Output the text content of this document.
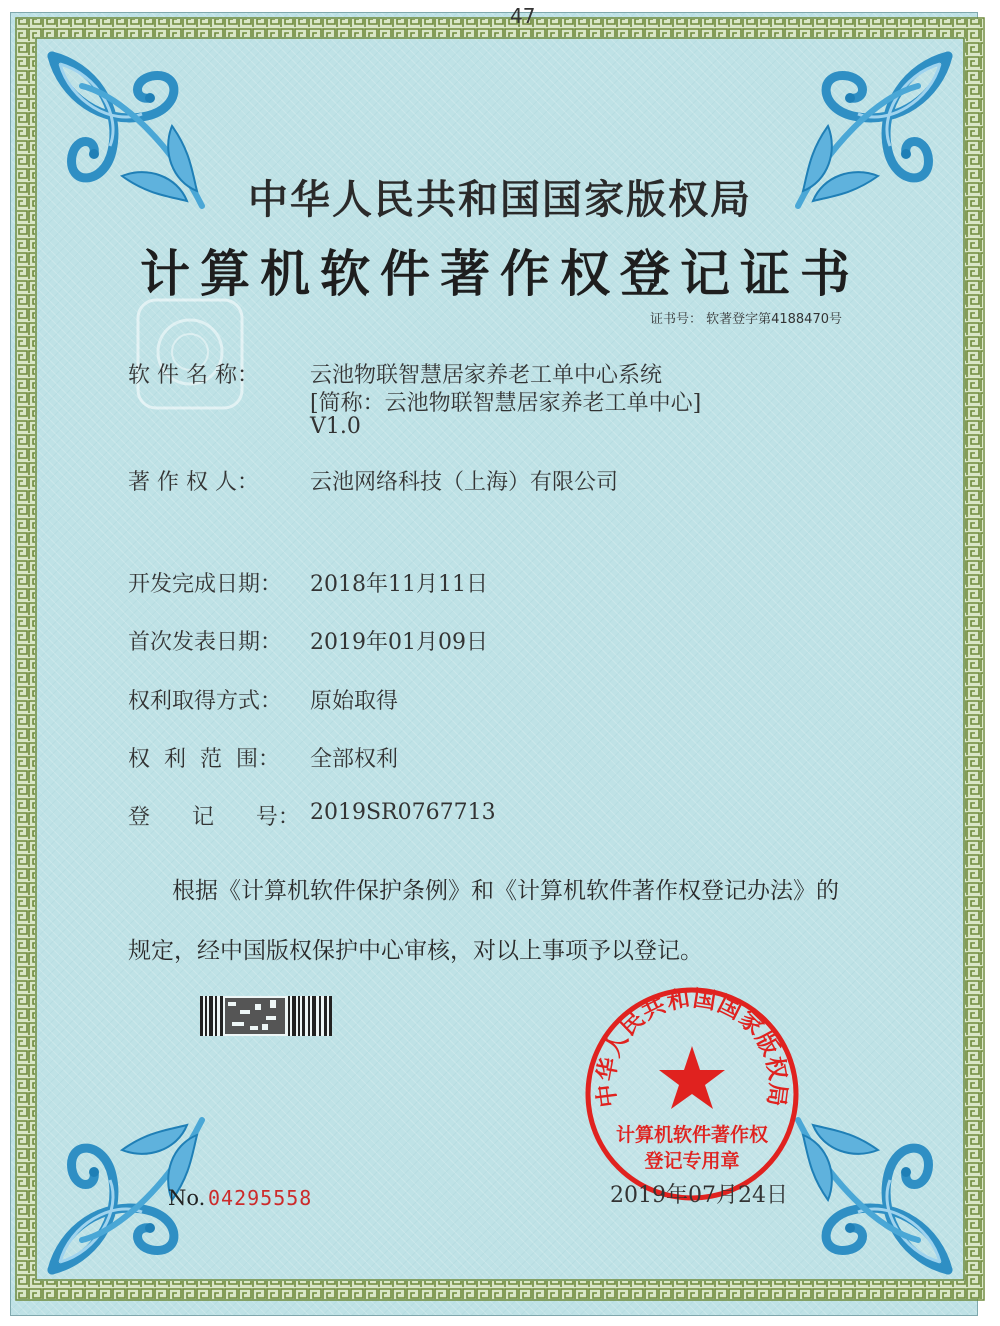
47
中华人民共和国国家版权局
计算机软件著作权登记证书
证书号： 软著登字第4188470号
软 件 名 称： 云池物联智慧居家养老工单中心系统
[简称：云池物联智慧居家养老工单中心]
V1.0
著 作 权 人： 云池网络科技（上海）有限公司
开发完成日期： 2018年11月11日
首次发表日期： 2019年01月09日
权利取得方式： 原始取得
权  利  范  围： 全部权利
登      记      号： 2019SR0767713
根据《计算机软件保护条例》和《计算机软件著作权登记办法》的
规定，经中国版权保护中心审核，对以上事项予以登记。
中华人民共和国国家版权局
计算机软件著作权
登记专用章
No. 04295558	2019年07月24日
